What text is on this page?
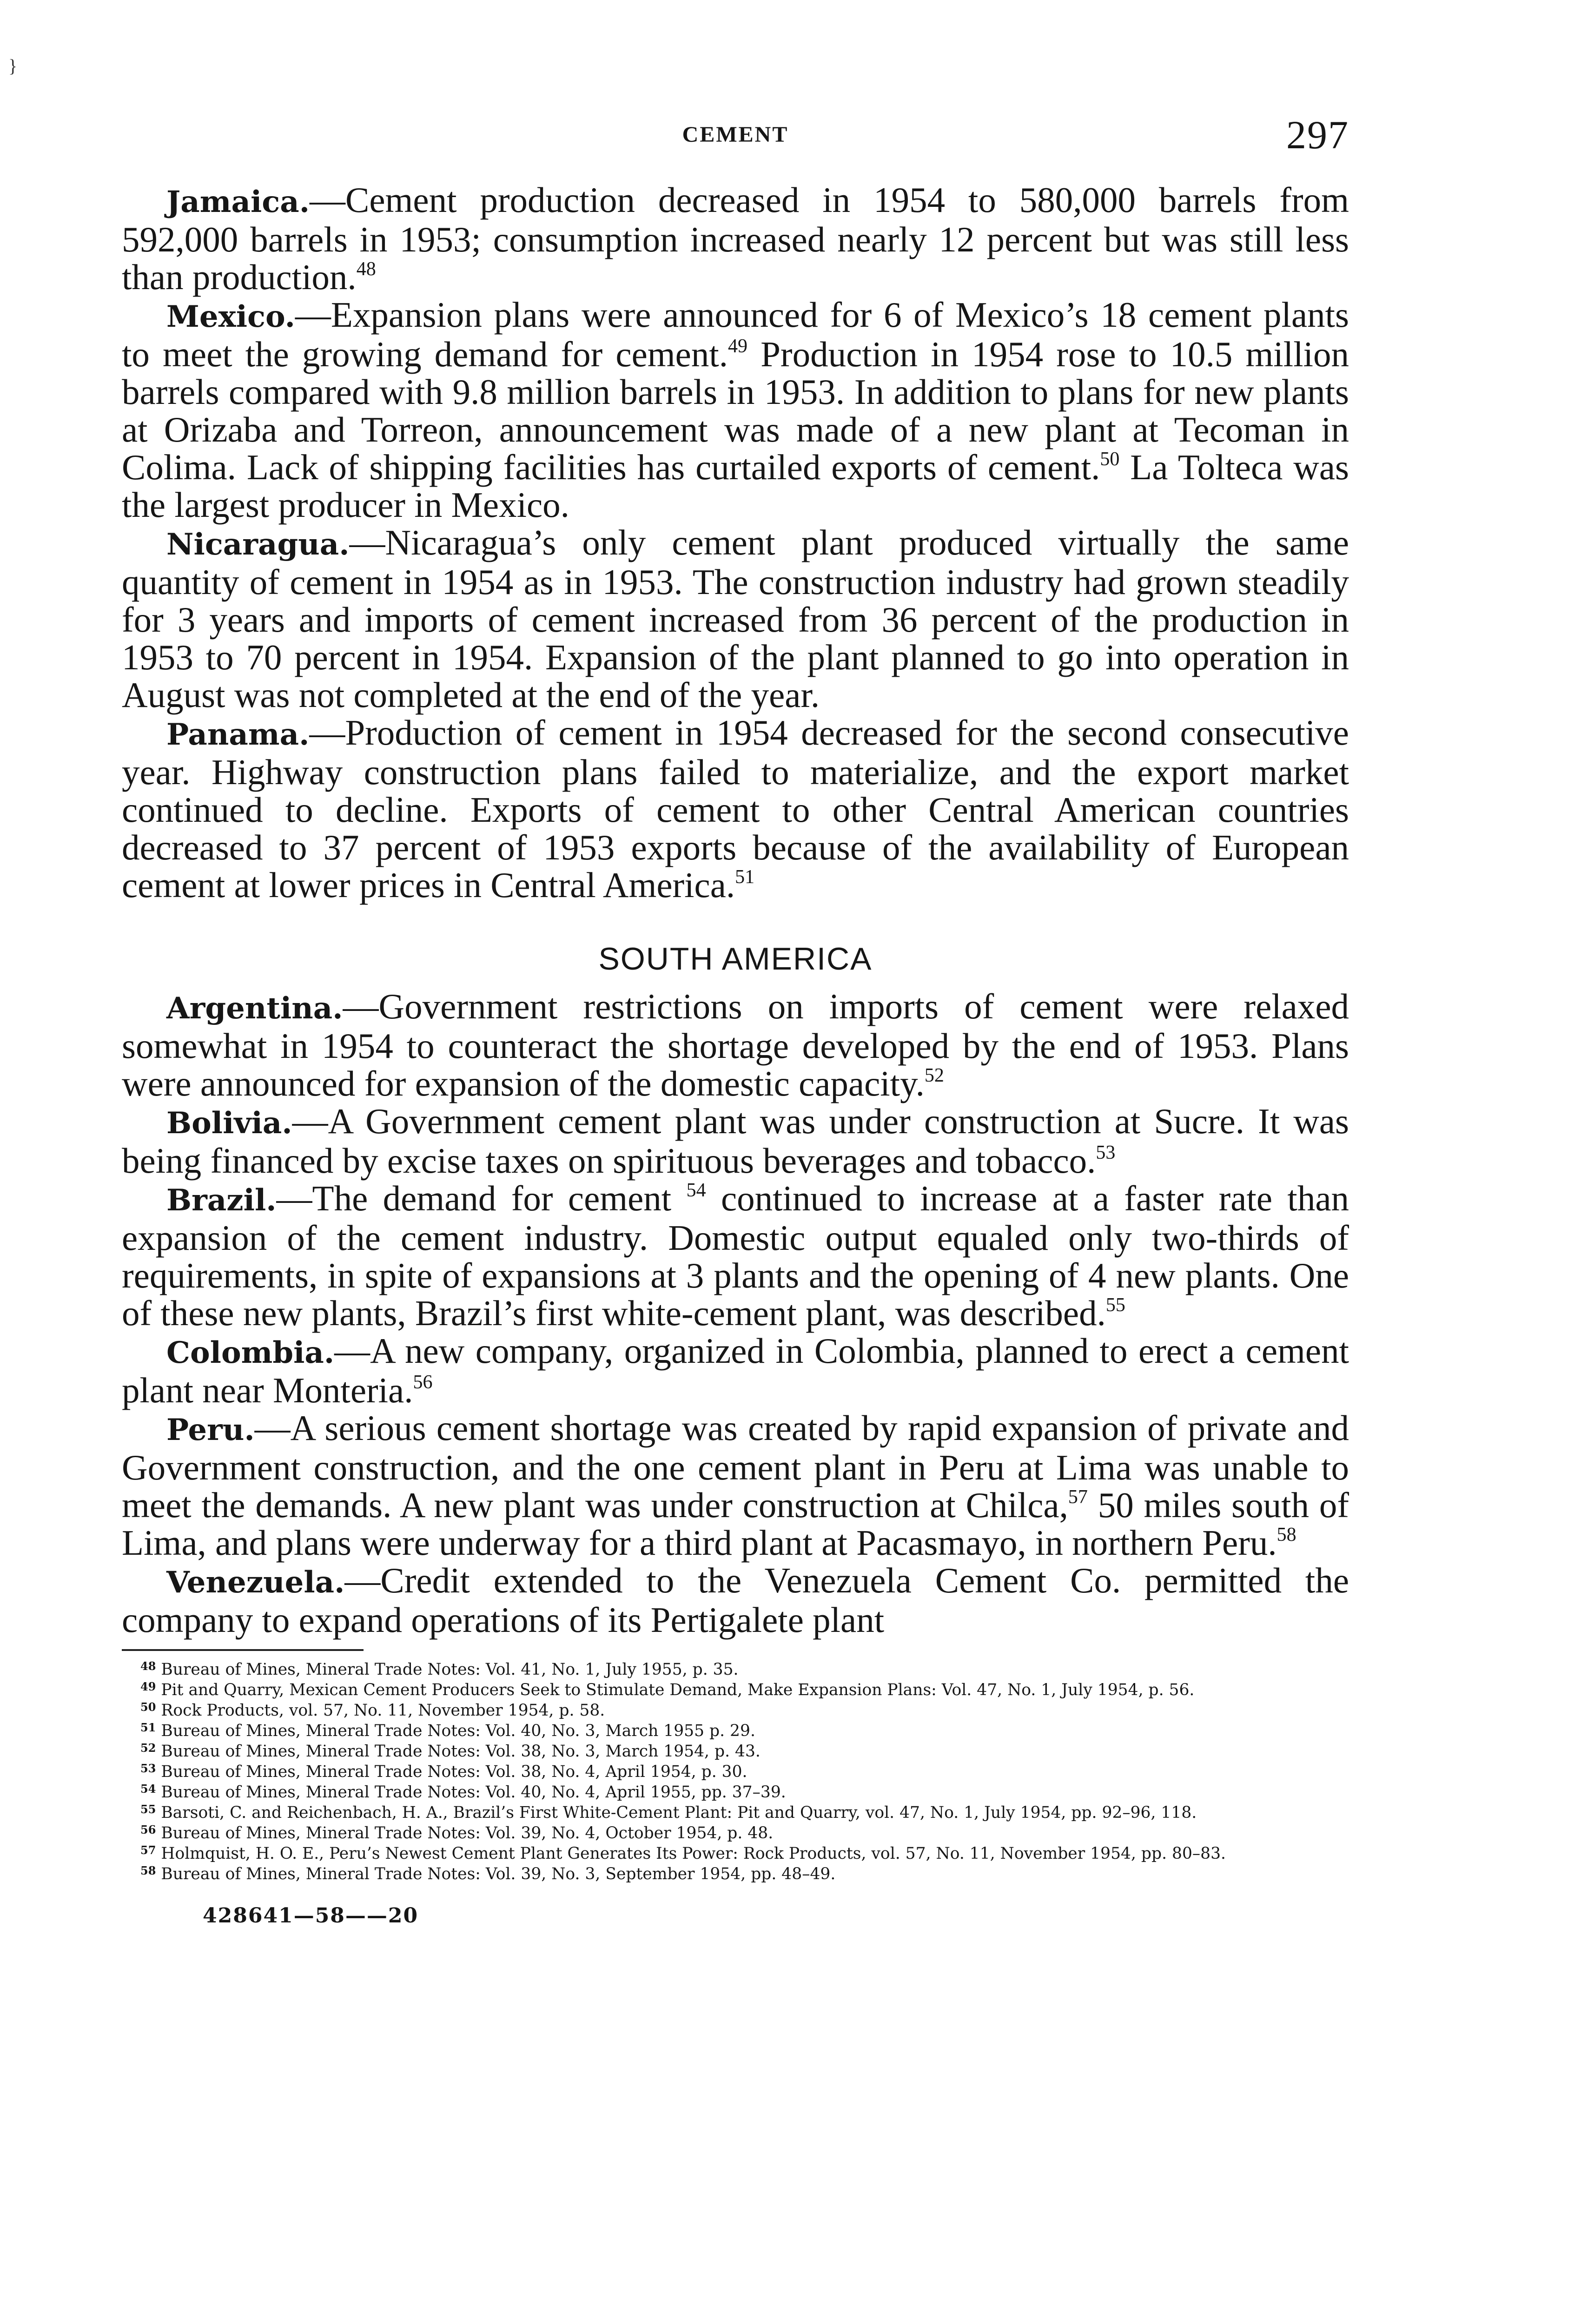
}
CEMENT	297

Jamaica.—Cement production decreased in 1954 to 580,000 barrels from 592,000 barrels in 1953; consumption increased nearly 12 percent but was still less than production.$^{48}$

Mexico.—Expansion plans were announced for 6 of Mexico’s 18 cement plants to meet the growing demand for cement.$^{49}$ Production in 1954 rose to 10.5 million barrels compared with 9.8 million barrels in 1953. In addition to plans for new plants at Orizaba and Torreon, announcement was made of a new plant at Tecoman in Colima. Lack of shipping facilities has curtailed exports of cement.$^{50}$ La Tolteca was the largest producer in Mexico.

Nicaragua.—Nicaragua’s only cement plant produced virtually the same quantity of cement in 1954 as in 1953. The construction industry had grown steadily for 3 years and imports of cement increased from 36 percent of the production in 1953 to 70 percent in 1954. Expansion of the plant planned to go into operation in August was not completed at the end of the year.

Panama.—Production of cement in 1954 decreased for the second consecutive year. Highway construction plans failed to materialize, and the export market continued to decline. Exports of cement to other Central American countries decreased to 37 percent of 1953 exports because of the availability of European cement at lower prices in Central America.$^{51}$

SOUTH AMERICA

Argentina.—Government restrictions on imports of cement were relaxed somewhat in 1954 to counteract the shortage developed by the end of 1953. Plans were announced for expansion of the domestic capacity.$^{52}$

Bolivia.—A Government cement plant was under construction at Sucre. It was being financed by excise taxes on spirituous beverages and tobacco.$^{53}$

Brazil.—The demand for cement $^{54}$ continued to increase at a faster rate than expansion of the cement industry. Domestic output equaled only two-thirds of requirements, in spite of expansions at 3 plants and the opening of 4 new plants. One of these new plants, Brazil’s first white-cement plant, was described.$^{55}$

Colombia.—A new company, organized in Colombia, planned to erect a cement plant near Monteria.$^{56}$

Peru.—A serious cement shortage was created by rapid expansion of private and Government construction, and the one cement plant in Peru at Lima was unable to meet the demands. A new plant was under construction at Chilca,$^{57}$ 50 miles south of Lima, and plans were underway for a third plant at Pacasmayo, in northern Peru.$^{58}$

Venezuela.—Credit extended to the Venezuela Cement Co. permitted the company to expand operations of its Pertigalete plant

$^{48}$ Bureau of Mines, Mineral Trade Notes: Vol. 41, No. 1, July 1955, p. 35.

$^{49}$ Pit and Quarry, Mexican Cement Producers Seek to Stimulate Demand, Make Expansion Plans: Vol. 47, No. 1, July 1954, p. 56.

$^{50}$ Rock Products, vol. 57, No. 11, November 1954, p. 58.

$^{51}$ Bureau of Mines, Mineral Trade Notes: Vol. 40, No. 3, March 1955 p. 29.

$^{52}$ Bureau of Mines, Mineral Trade Notes: Vol. 38, No. 3, March 1954, p. 43.

$^{53}$ Bureau of Mines, Mineral Trade Notes: Vol. 38, No. 4, April 1954, p. 30.

$^{54}$ Bureau of Mines, Mineral Trade Notes: Vol. 40, No. 4, April 1955, pp. 37–39.

$^{55}$ Barsoti, C. and Reichenbach, H. A., Brazil’s First White-Cement Plant: Pit and Quarry, vol. 47, No. 1, July 1954, pp. 92–96, 118.

$^{56}$ Bureau of Mines, Mineral Trade Notes: Vol. 39, No. 4, October 1954, p. 48.

$^{57}$ Holmquist, H. O. E., Peru’s Newest Cement Plant Generates Its Power: Rock Products, vol. 57, No. 11, November 1954, pp. 80–83.

$^{58}$ Bureau of Mines, Mineral Trade Notes: Vol. 39, No. 3, September 1954, pp. 48–49.

428641—58——20
